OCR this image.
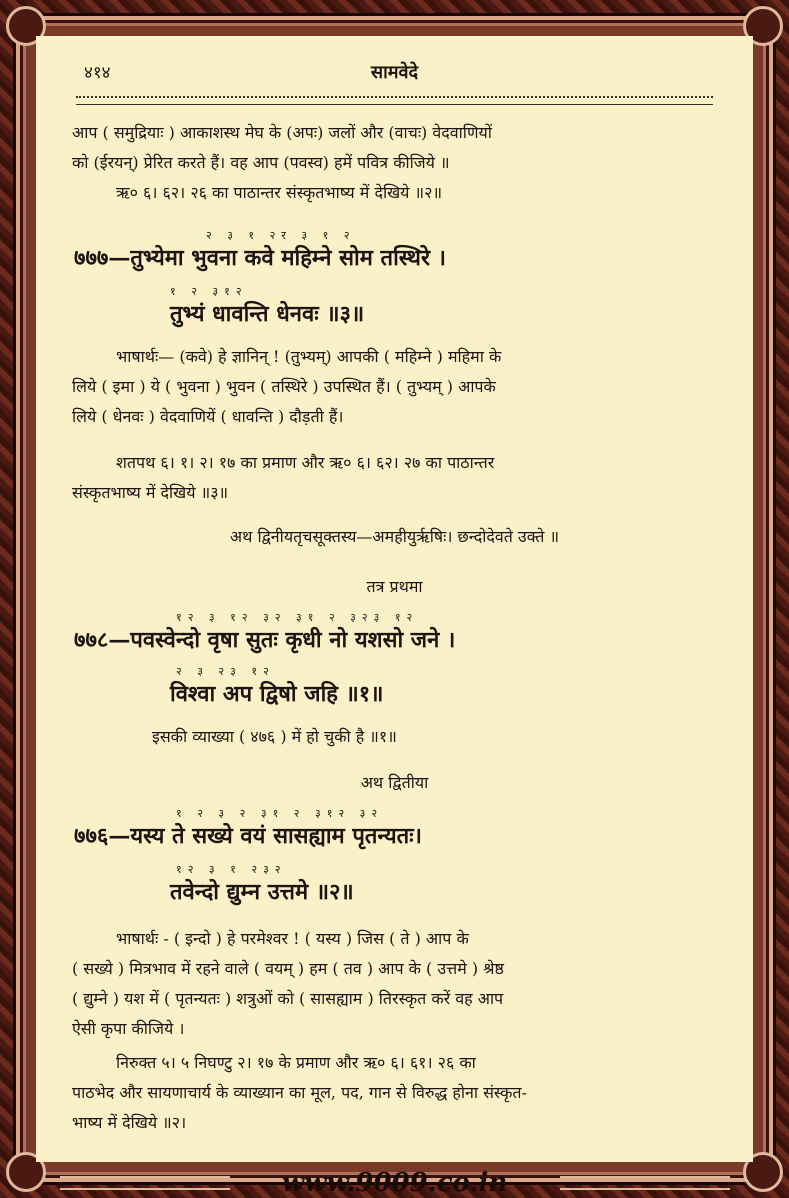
४१४	सामवेदे
आप ( समुद्रियाः ) आकाशस्थ मेघ के (अपः) जलों और (वाचः) वेदवाणियों
को (ईरयन्) प्रेरित करते हैं। वह आप (पवस्व) हमें पवित्र कीजिये ॥
ऋ० ६। ६२। २६ का पाठान्तर संस्कृतभाष्य में देखिये ॥२॥
२ ३ १ २र ३ १ २
७७७—तुभ्येमा भुवना कवे महिम्ने सोम तस्थिरे ।
१ २ ३१२
तुभ्यं धावन्ति धेनवः ॥३॥
भाषार्थः— (कवे) हे ज्ञानिन् ! (तुभ्यम्) आपकी ( महिम्ने ) महिमा के
लिये ( इमा ) ये ( भुवना ) भुवन ( तस्थिरे ) उपस्थित हैं। ( तुभ्यम् ) आपके
लिये ( धेनवः ) वेदवाणियें ( धावन्ति ) दौड़ती हैं।
शतपथ ६। १। २। १७ का प्रमाण और ऋ० ६। ६२। २७ का पाठान्तर
संस्कृतभाष्य में देखिये ॥३॥
अथ द्विनीयतृचसूक्तस्य—अमहीयुर्ऋषिः। छन्दोदेवते उक्ते ॥
तत्र प्रथमा
१२ ३ १२ ३२ ३१ २ ३२३ १२
७७८—पवस्वेन्दो वृषा सुतः कृधी नो यशसो जने ।
२ ३ २३ १२
विश्वा अप द्विषो जहि ॥१॥
इसकी व्याख्या ( ४७६ ) में हो चुकी है ॥१॥
अथ द्वितीया
१ २ ३ २ ३१ २ ३१२ ३२
७७६—यस्य ते सख्ये वयं सासह्याम पृतन्यतः।
१२ ३ १ २३२
तवेन्दो द्युम्न उत्तमे ॥२॥
भाषार्थः - ( इन्दो ) हे परमेश्वर ! ( यस्य ) जिस ( ते ) आप के
( सख्ये ) मित्रभाव में रहने वाले ( वयम् ) हम ( तव ) आप के ( उत्तमे ) श्रेष्ठ
( द्युम्ने ) यश में ( पृतन्यतः ) शत्रुओं को ( सासह्याम ) तिरस्कृत करें वह आप
ऐसी कृपा कीजिये ।
निरुक्त ५। ५ निघण्टु २। १७ के प्रमाण और ऋ० ६। ६१। २६ का
पाठभेद और सायणाचार्य के व्याख्यान का मूल, पद, गान से विरुद्ध होना संस्कृत-
भाष्य में देखिये ॥२।
www.9009.co.in
